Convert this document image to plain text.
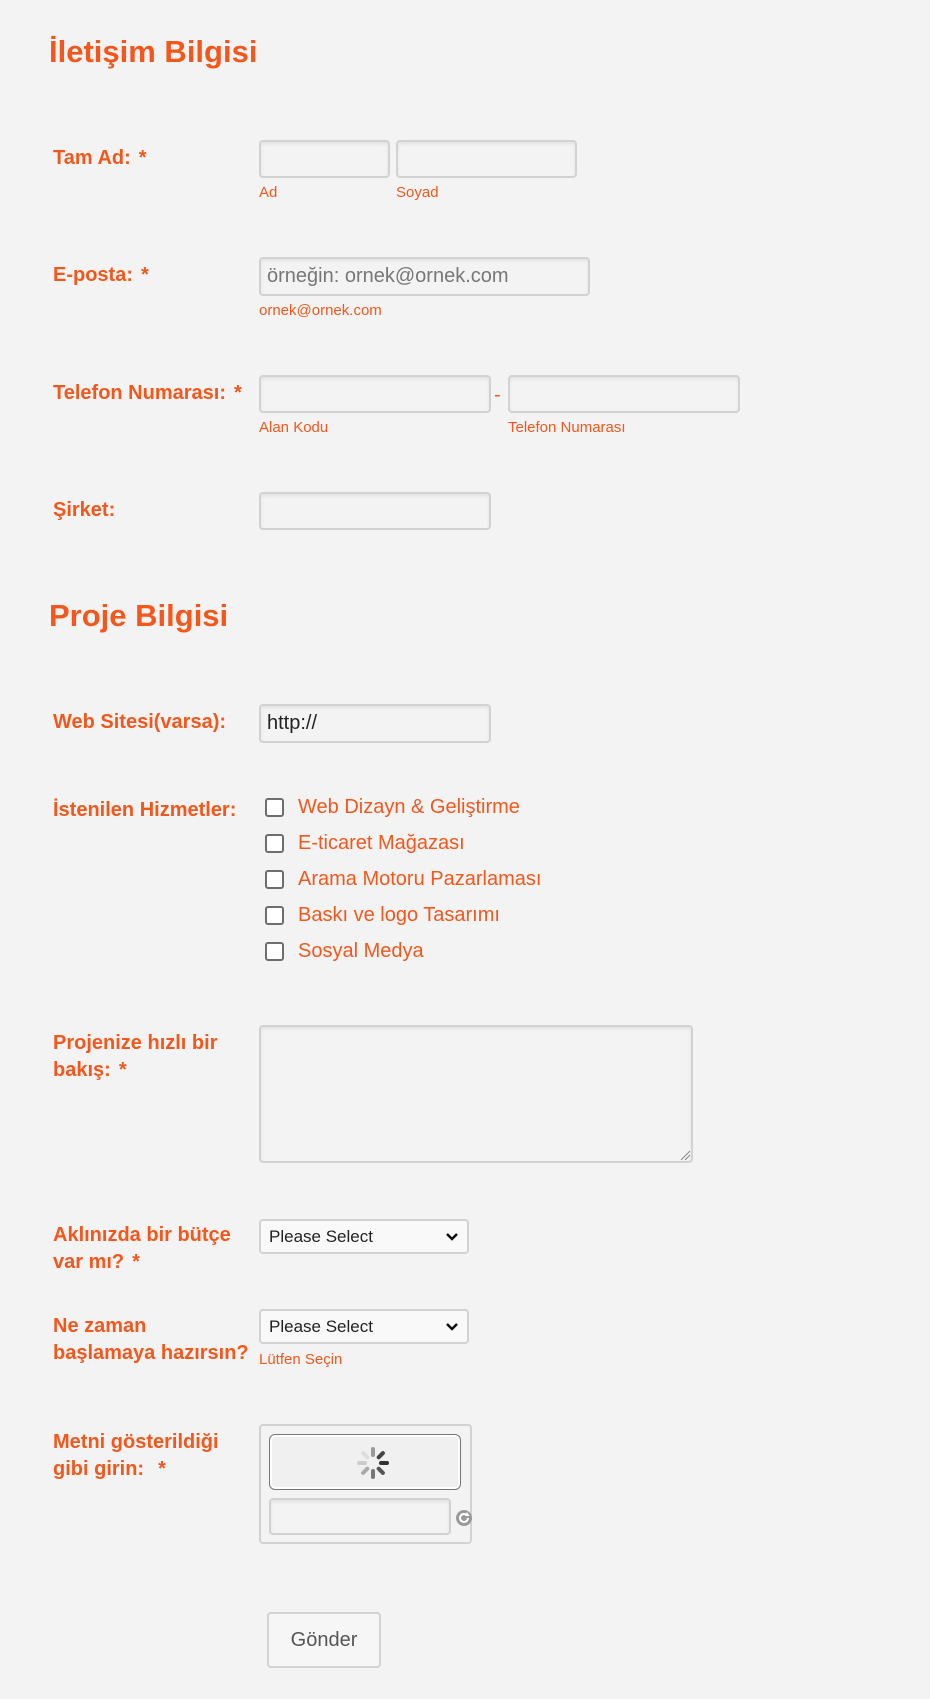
İletişim Bilgisi
Tam Ad: *
Ad	Soyad
E-posta: *
örneğin: ornek@ornek.com
ornek@ornek.com
Telefon Numarası: *	-
Alan Kodu	Telefon Numarası
Şirket:
Proje Bilgisi
Web Sitesi(varsa):
http://
İstenilen Hizmetler:	Web Dizayn & Geliştirme
E-ticaret Mağazası
Arama Motoru Pazarlaması
Baskı ve logo Tasarımı
Sosyal Medya
Projenize hızlı bir
bakış: *
Aklınızda bir bütçe
var mı? *
Please Select
Ne zaman
başlamaya hazırsın?
Please Select
Lütfen Seçin
Metni gösterildiği
gibi girin: *
Gönder
